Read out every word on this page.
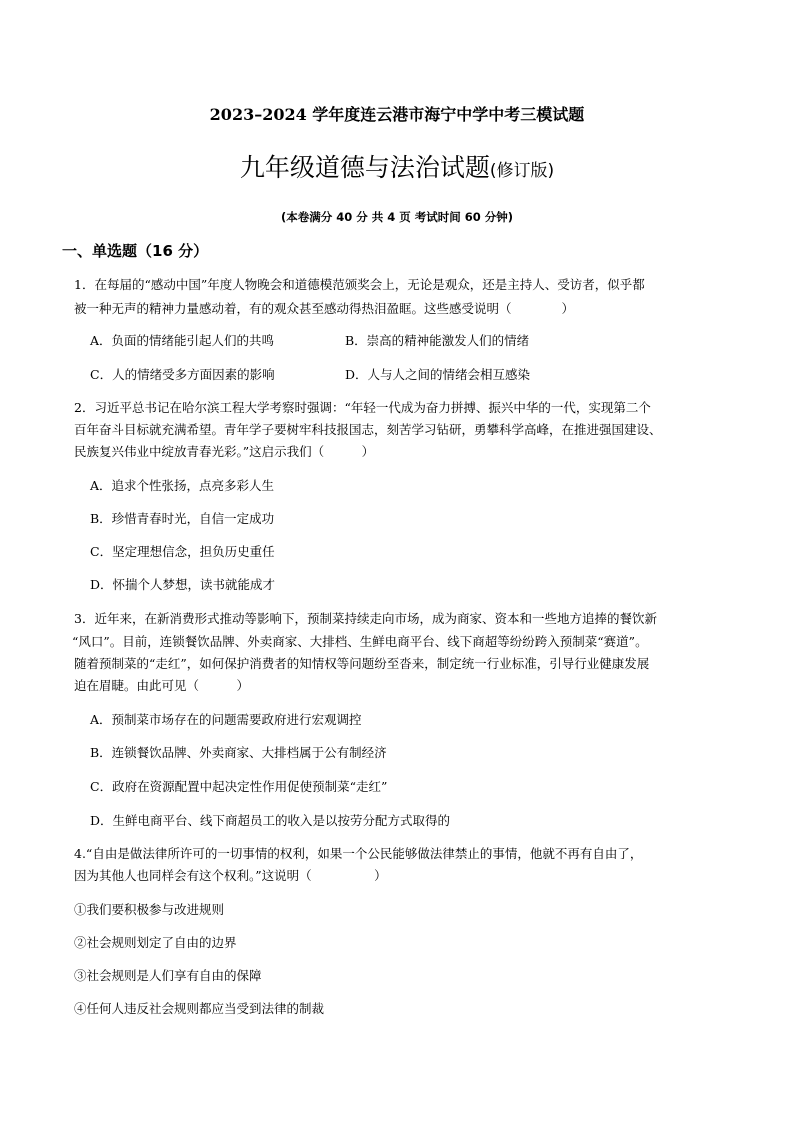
2023–2024 学年度连云港市海宁中学中考三模试题
九年级道德与法治试题(修订版)
(本卷满分 40 分 共 4 页 考试时间 60 分钟)
一、单选题（16 分）
1．在每届的“感动中国”年度人物晚会和道德模范颁奖会上，无论是观众，还是主持人、受访者，似乎都
被一种无声的精神力量感动着，有的观众甚至感动得热泪盈眶。这些感受说明（　　　　）
A．负面的情绪能引起人们的共鸣	B．崇高的精神能激发人们的情绪
C．人的情绪受多方面因素的影响	D．人与人之间的情绪会相互感染
2．习近平总书记在哈尔滨工程大学考察时强调：“年轻一代成为奋力拼搏、振兴中华的一代，实现第二个
百年奋斗目标就充满希望。青年学子要树牢科技报国志，刻苦学习钻研，勇攀科学高峰，在推进强国建设、
民族复兴伟业中绽放青春光彩。”这启示我们（　　　）
A．追求个性张扬，点亮多彩人生
B．珍惜青春时光，自信一定成功
C．坚定理想信念，担负历史重任
D．怀揣个人梦想，读书就能成才
3．近年来，在新消费形式推动等影响下，预制菜持续走向市场，成为商家、资本和一些地方追捧的餐饮新
“风口”。目前，连锁餐饮品牌、外卖商家、大排档、生鲜电商平台、线下商超等纷纷跨入预制菜“赛道”。
随着预制菜的“走红”，如何保护消费者的知情权等问题纷至沓来，制定统一行业标准，引导行业健康发展
迫在眉睫。由此可见（　　　）
A．预制菜市场存在的问题需要政府进行宏观调控
B．连锁餐饮品牌、外卖商家、大排档属于公有制经济
C．政府在资源配置中起决定性作用促使预制菜“走红”
D．生鲜电商平台、线下商超员工的收入是以按劳分配方式取得的
4.“自由是做法律所许可的一切事情的权利，如果一个公民能够做法律禁止的事情，他就不再有自由了，
因为其他人也同样会有这个权利。”这说明（　　　　　）
①我们要积极参与改进规则
②社会规则划定了自由的边界
③社会规则是人们享有自由的保障
④任何人违反社会规则都应当受到法律的制裁
